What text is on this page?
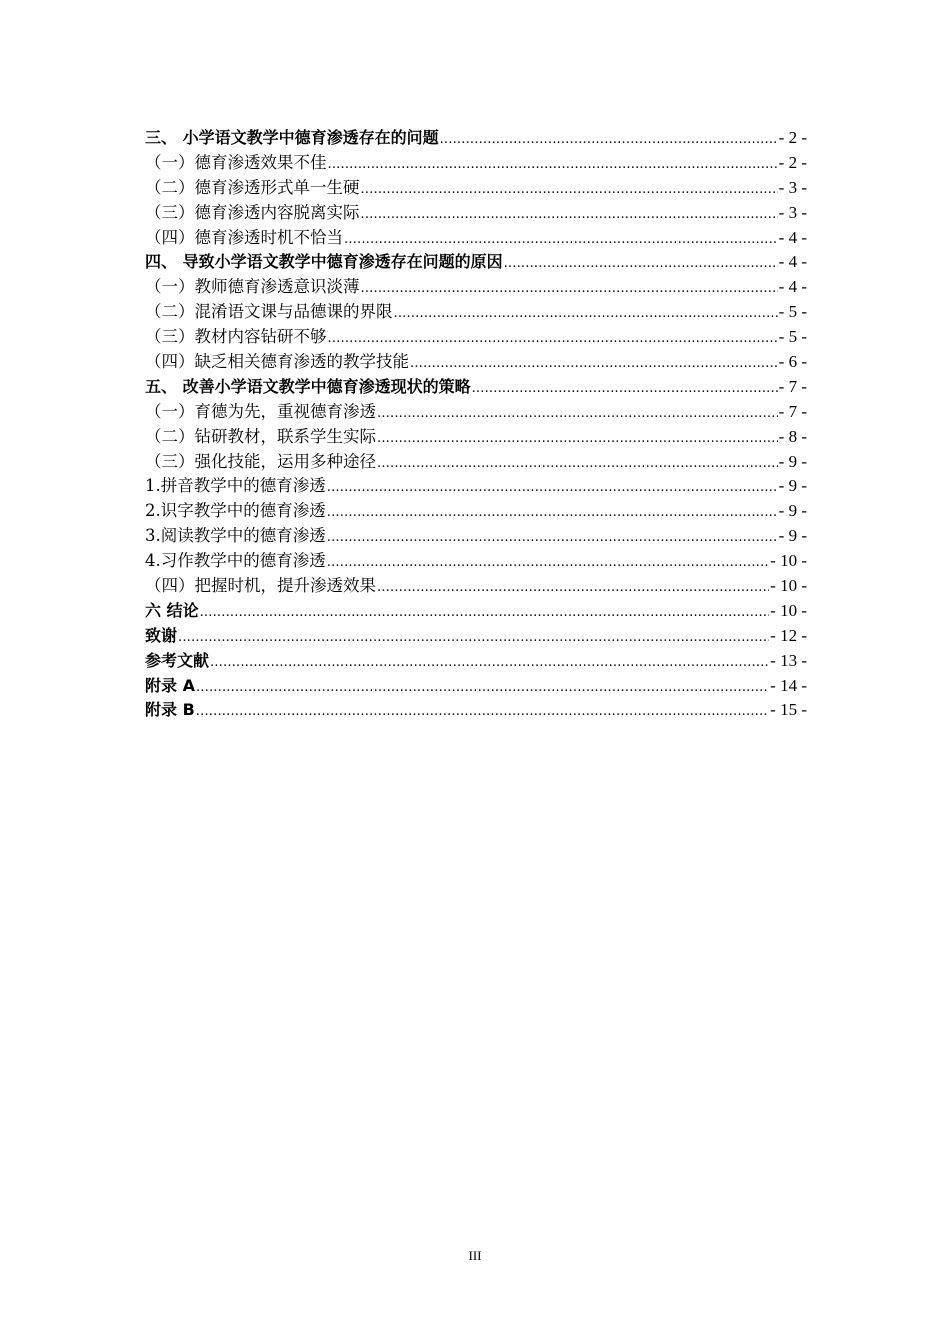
三、 小学语文教学中德育渗透存在的问题 .....	- 2 -
（一）德育渗透效果不佳 .....	- 2 -
（二）德育渗透形式单一生硬 .....	- 3 -
（三）德育渗透内容脱离实际 .....	- 3 -
（四）德育渗透时机不恰当 .....	- 4 -
四、 导致小学语文教学中德育渗透存在问题的原因 .....	- 4 -
（一）教师德育渗透意识淡薄 .....	- 4 -
（二）混淆语文课与品德课的界限 .....	- 5 -
（三）教材内容钻研不够 .....	- 5 -
（四）缺乏相关德育渗透的教学技能 .....	- 6 -
五、 改善小学语文教学中德育渗透现状的策略 .....	- 7 -
（一）育德为先，重视德育渗透 .....	- 7 -
（二）钻研教材，联系学生实际 .....	- 8 -
（三）强化技能，运用多种途径 .....	- 9 -
1.拼音教学中的德育渗透 .....	- 9 -
2.识字教学中的德育渗透 .....	- 9 -
3.阅读教学中的德育渗透 .....	- 9 -
4.习作教学中的德育渗透 .....	- 10 -
（四）把握时机，提升渗透效果 .....	- 10 -
六 结论 .....	- 10 -
致谢 .....	- 12 -
参考文献 .....	- 13 -
附录 A .....	- 14 -
附录 B .....	- 15 -
III
